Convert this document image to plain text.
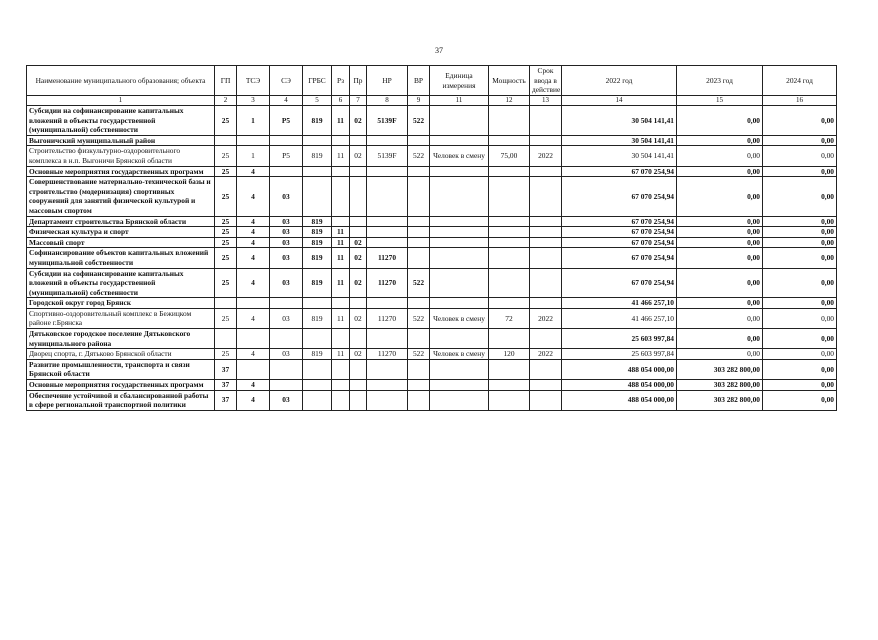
37
Наименование муниципального образования; объекта	ГП	ТСЭ	СЭ	ГРБС	Рз	Пр	НР	ВР	Единица измерения	Мощность	Срок ввода в действие	2022 год	2023 год	2024 год
1	2	3	4	5	6	7	8	9	11	12	13	14	15	16
Субсидии на софинансирование капитальных вложений в объекты государственной (муниципальной) собственности	25	1	Р5	819	11	02	5139F	522				30 504 141,41	0,00	0,00
Выгоничский муниципальный район												30 504 141,41	0,00	0,00
Строительство физкультурно-оздоровительного комплекса в н.п. Выгоничи Брянской области	25	1	Р5	819	11	02	5139F	522	Человек в смену	75,00	2022	30 504 141,41	0,00	0,00
Основные мероприятия государственных программ	25	4										67 070 254,94	0,00	0,00
Совершенствование материально-технической базы и строительство (модернизация) спортивных сооружений для занятий физической культурой и массовым спортом	25	4	03									67 070 254,94	0,00	0,00
Департамент строительства Брянской области	25	4	03	819								67 070 254,94	0,00	0,00
Физическая культура и спорт	25	4	03	819	11							67 070 254,94	0,00	0,00
Массовый спорт	25	4	03	819	11	02						67 070 254,94	0,00	0,00
Софинансирование объектов капитальных вложений муниципальной собственности	25	4	03	819	11	02	11270					67 070 254,94	0,00	0,00
Субсидии на софинансирование капитальных вложений в объекты государственной (муниципальной) собственности	25	4	03	819	11	02	11270	522				67 070 254,94	0,00	0,00
Городской округ город Брянск												41 466 257,10	0,00	0,00
Спортивно-оздоровительный комплекс в Бежицком районе г.Брянска	25	4	03	819	11	02	11270	522	Человек в смену	72	2022	41 466 257,10	0,00	0,00
Дятьковское городское поселение Дятьковского муниципального района												25 603 997,84	0,00	0,00
Дворец спорта, г. Дятьково Брянской области	25	4	03	819	11	02	11270	522	Человек в смену	120	2022	25 603 997,84	0,00	0,00
Развитие промышленности, транспорта и связи Брянской области	37											488 054 000,00	303 282 800,00	0,00
Основные мероприятия государственных программ	37	4										488 054 000,00	303 282 800,00	0,00
Обеспечение устойчивой и сбалансированной работы в сфере региональной транспортной политики	37	4	03									488 054 000,00	303 282 800,00	0,00
